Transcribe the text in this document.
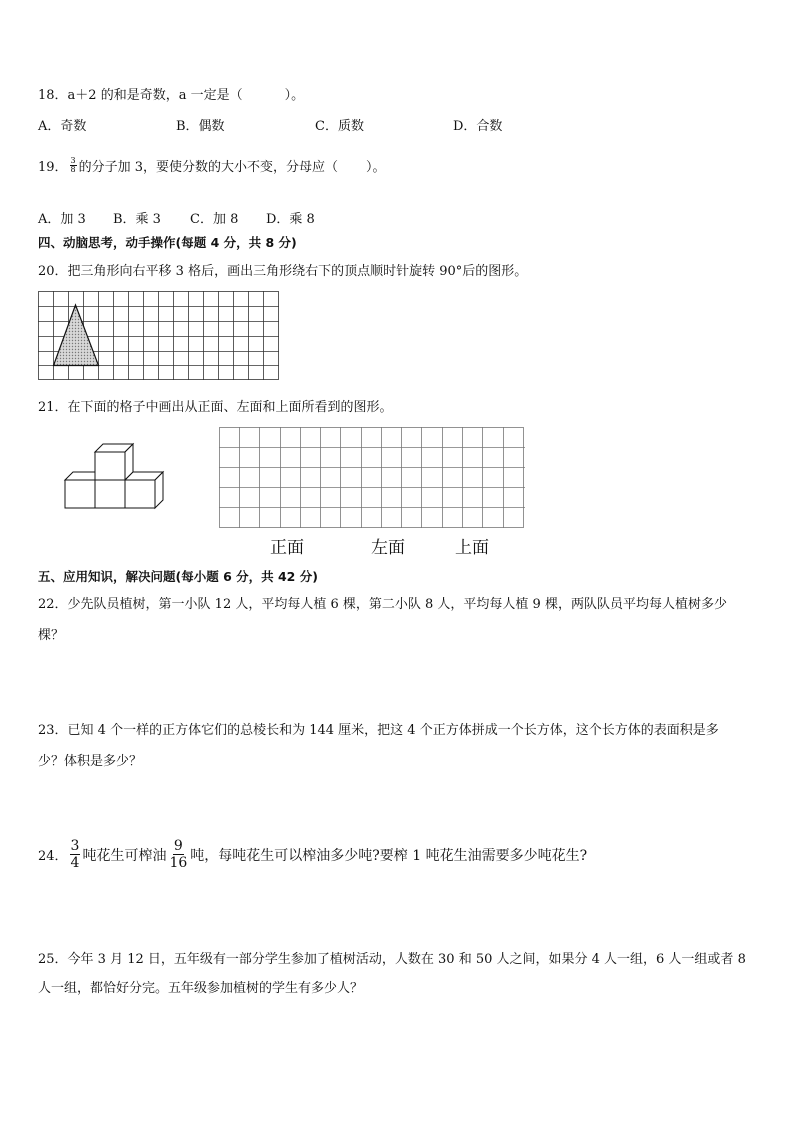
18．a＋2 的和是奇数，a 一定是（	）。
A．奇数	B．偶数	C．质数	D．合数
19． $\frac{3}{8}$ 的分子加 3，要使分数的大小不变，分母应（ ）。
A．加 3 B．乘 3 C．加 8 D．乘 8
四、动脑思考，动手操作(每题 4 分，共 8 分)
20．把三角形向右平移 3 格后，画出三角形绕右下的顶点顺时针旋转 90°后的图形。
21．在下面的格子中画出从正面、左面和上面所看到的图形。
正面	左面	上面
五、应用知识，解决问题(每小题 6 分，共 42 分)
22．少先队员植树，第一小队 12 人，平均每人植 6 棵，第二小队 8 人，平均每人植 9 棵，两队队员平均每人植树多少
棵？
23．已知 4 个一样的正方体它们的总棱长和为 144 厘米，把这 4 个正方体拼成一个长方体，这个长方体的表面积是多
少？体积是多少？
24． $\frac{3}{4}$ 吨花生可榨油 $\frac{9}{16}$ 吨，每吨花生可以榨油多少吨?要榨 1 吨花生油需要多少吨花生?
25．今年 3 月 12 日，五年级有一部分学生参加了植树活动，人数在 30 和 50 人之间，如果分 4 人一组，6 人一组或者 8
人一组，都恰好分完。五年级参加植树的学生有多少人？
